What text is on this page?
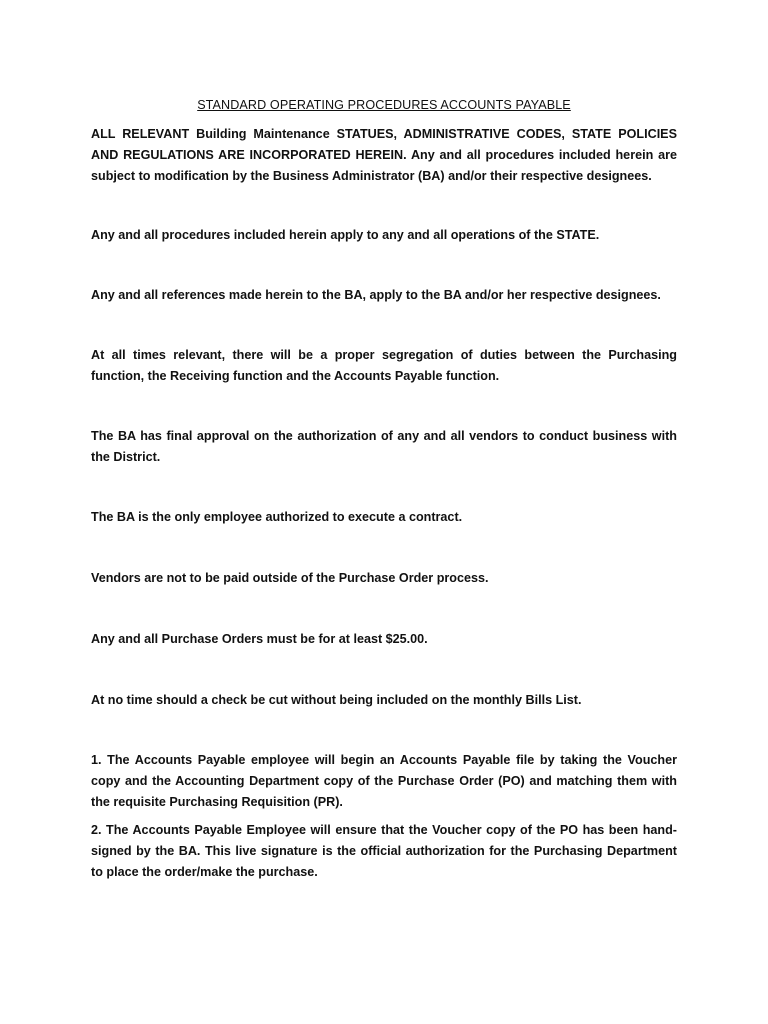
STANDARD OPERATING PROCEDURES ACCOUNTS PAYABLE

ALL RELEVANT Building Maintenance STATUES, ADMINISTRATIVE CODES, STATE POLICIES AND REGULATIONS ARE INCORPORATED HEREIN. Any and all procedures included herein are subject to modification by the Business Administrator (BA) and/or their respective designees.

Any and all procedures included herein apply to any and all operations of the STATE.

Any and all references made herein to the BA, apply to the BA and/or her respective designees.

At all times relevant, there will be a proper segregation of duties between the Purchasing function, the Receiving function and the Accounts Payable function.

The BA has final approval on the authorization of any and all vendors to conduct business with the District.

The BA is the only employee authorized to execute a contract.

Vendors are not to be paid outside of the Purchase Order process.

Any and all Purchase Orders must be for at least $25.00.

At no time should a check be cut without being included on the monthly Bills List.

1. The Accounts Payable employee will begin an Accounts Payable file by taking the Voucher copy and the Accounting Department copy of the Purchase Order (PO) and matching them with the requisite Purchasing Requisition (PR).

2. The Accounts Payable Employee will ensure that the Voucher copy of the PO has been hand-signed by the BA. This live signature is the official authorization for the Purchasing Department to place the order/make the purchase.
